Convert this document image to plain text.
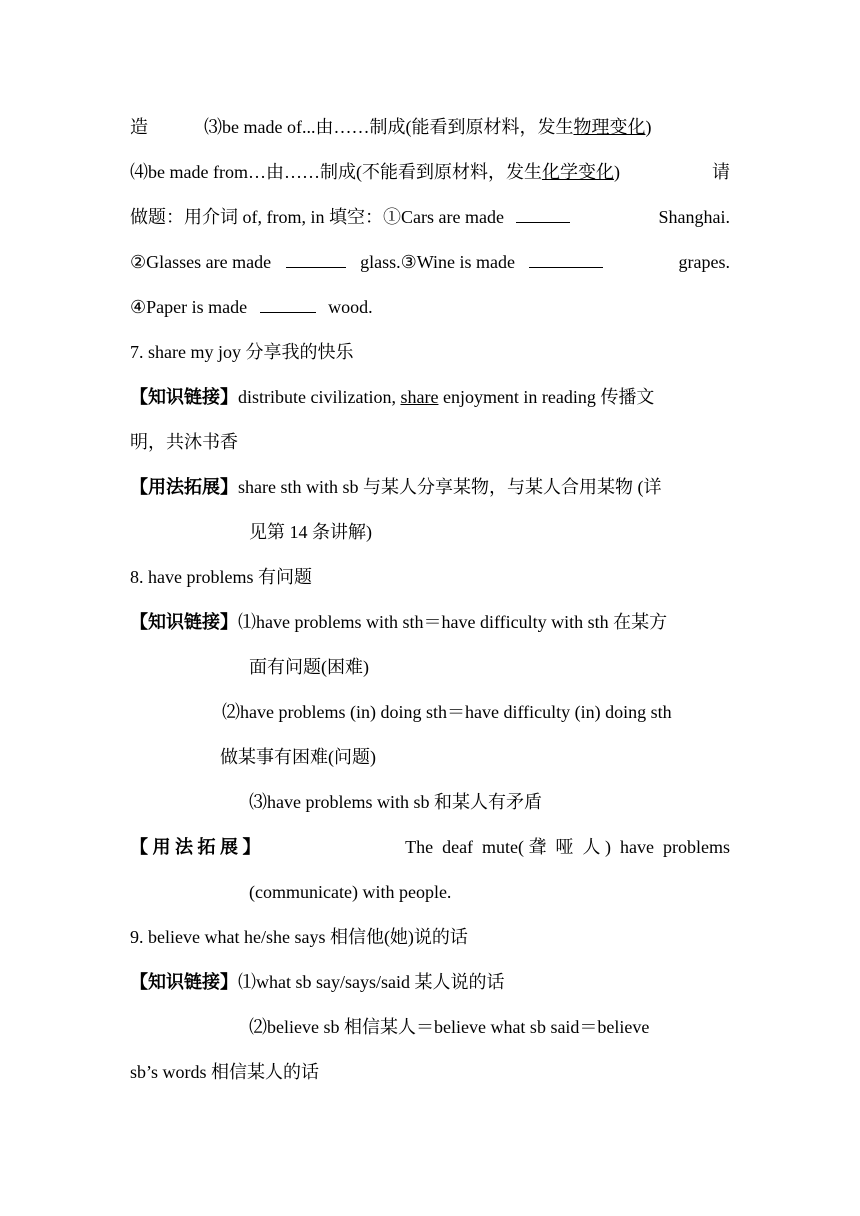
造	⑶be made of...由……制成(能看到原材料，发生物理变化)
⑷be made from…由……制成(不能看到原材料，发生化学变化)	请
做题：用介词 of, from, in 填空：①Cars are made	Shanghai.
②Glasses are made	glass.③Wine is made	grapes.
④Paper is made	wood.
7. share my joy 分享我的快乐
【知识链接】distribute civilization, share enjoyment in reading 传播文
明，共沐书香
【用法拓展】share sth with sb 与某人分享某物，与某人合用某物 (详
见第 14 条讲解)
8. have problems 有问题
【知识链接】⑴have problems with sth＝have difficulty with sth 在某方
面有问题(困难)
⑵have problems (in) doing sth＝have difficulty (in) doing sth
做某事有困难(问题)
⑶have problems with sb 和某人有矛盾
【 用 法 拓 展 】	The  deaf  mute( 聋  哑  人 )  have  problems
(communicate) with people.
9. believe what he/she says 相信他(她)说的话
【知识链接】⑴what sb say/says/said 某人说的话
⑵believe sb 相信某人＝believe what sb said＝believe
sb’s words 相信某人的话
